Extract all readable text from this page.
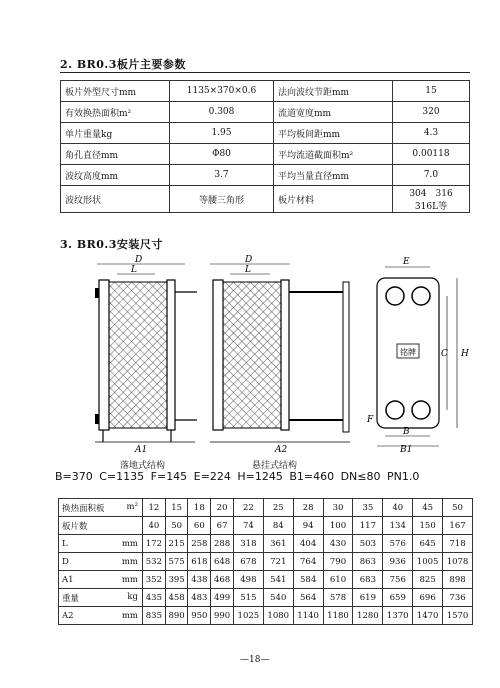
2. BR0.3板片主要参数
板片外型尺寸mm	1135×370×0.6	法向波纹节距mm	15
有效换热面积m²	0.308	流道宽度mm	320
单片重量kg	1.95	平均板间距mm	4.3
角孔直径mm	Φ80	平均流道截面积m²	0.00118
波纹高度mm	3.7	平均当量直径mm	7.0
波纹形状	等腰三角形	板片材料	304　316　316L等
3. BR0.3安装尺寸
D
L
A1
D
L
A2
E
铭牌	C H
F
B
B1
落地式结构	悬挂式结构
B=370 C=1135 F=145 E=224 H=1245 B1=460 DN≤80 PN1.0
换热面积板 m²	12	15	18	20	22	25	28	30	35	40	45	50
板片数	40	50	60	67	74	84	94	100	117	134	150	167
L mm	172	215	258	288	318	361	404	430	503	576	645	718
D mm	532	575	618	648	678	721	764	790	863	936	1005	1078
A1 mm	352	395	438	468	498	541	584	610	683	756	825	898
重量 kg	435	458	483	499	515	540	564	578	619	659	696	736
A2 mm	835	890	950	990	1025	1080	1140	1180	1280	1370	1470	1570
—18—
